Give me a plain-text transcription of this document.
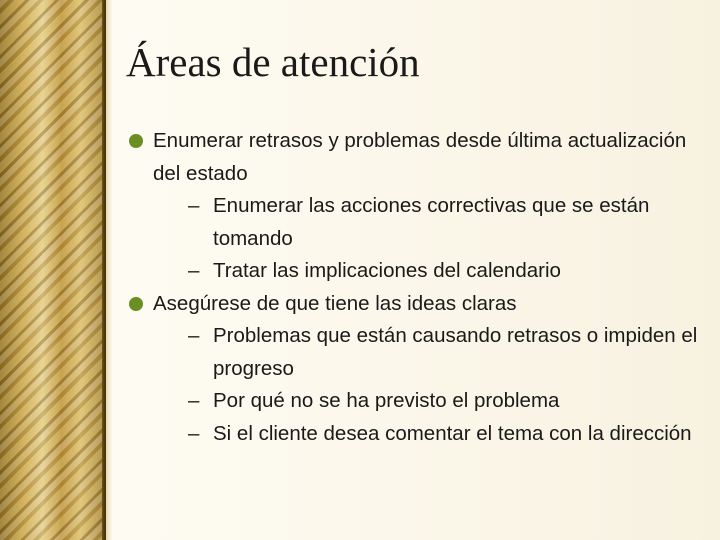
Áreas de atención
Enumerar retrasos y problemas desde última actualización del estado
– Enumerar las acciones correctivas que se están tomando
– Tratar las implicaciones del calendario
Asegúrese de que tiene las ideas claras
– Problemas que están causando retrasos o impiden el progreso
– Por qué no se ha previsto el problema
– Si el cliente desea comentar el tema con la dirección
